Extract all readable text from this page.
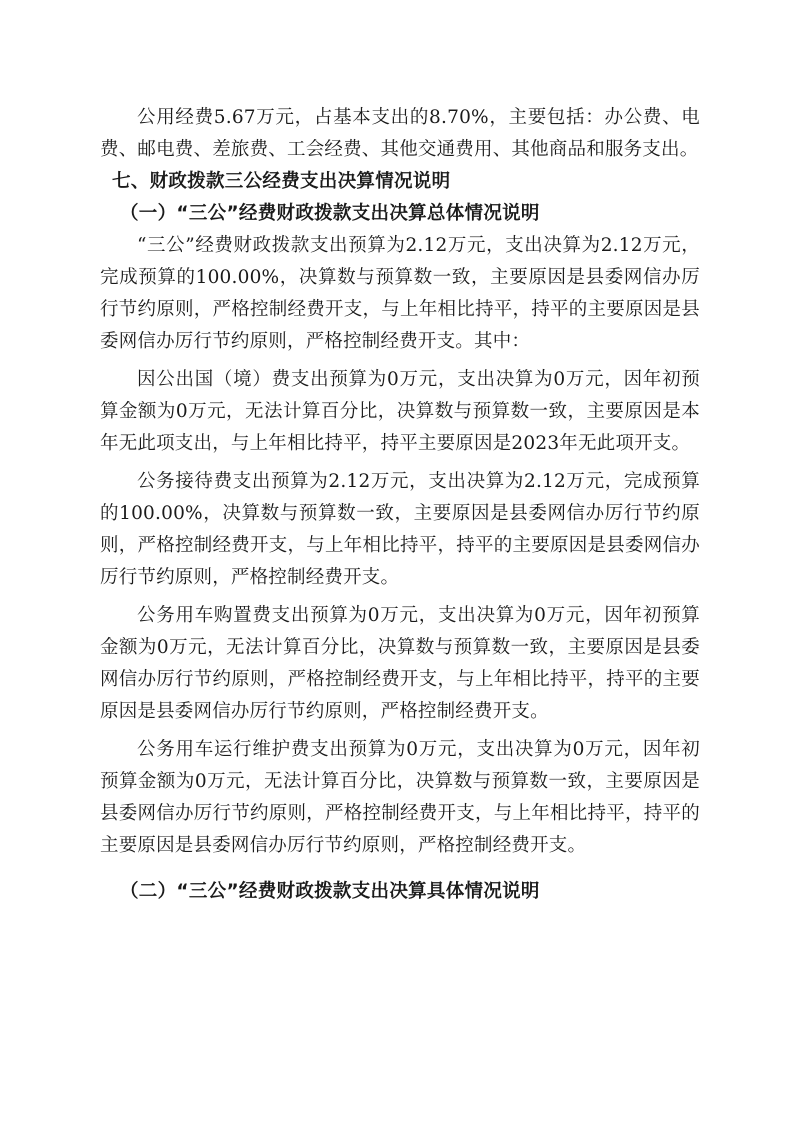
公用经费5.67万元，占基本支出的8.70%，主要包括：办公费、电费、邮电费、差旅费、工会经费、其他交通费用、其他商品和服务支出。

七、财政拨款三公经费支出决算情况说明
（一）“三公”经费财政拨款支出决算总体情况说明

“三公”经费财政拨款支出预算为2.12万元，支出决算为2.12万元，完成预算的100.00%，决算数与预算数一致，主要原因是县委网信办厉行节约原则，严格控制经费开支，与上年相比持平，持平的主要原因是县委网信办厉行节约原则，严格控制经费开支。其中：

因公出国（境）费支出预算为0万元，支出决算为0万元，因年初预算金额为0万元，无法计算百分比，决算数与预算数一致，主要原因是本年无此项支出，与上年相比持平，持平主要原因是2023年无此项开支。

公务接待费支出预算为2.12万元，支出决算为2.12万元，完成预算的100.00%，决算数与预算数一致，主要原因是县委网信办厉行节约原则，严格控制经费开支，与上年相比持平，持平的主要原因是县委网信办厉行节约原则，严格控制经费开支。

公务用车购置费支出预算为0万元，支出决算为0万元，因年初预算金额为0万元，无法计算百分比，决算数与预算数一致，主要原因是县委网信办厉行节约原则，严格控制经费开支，与上年相比持平，持平的主要原因是县委网信办厉行节约原则，严格控制经费开支。

公务用车运行维护费支出预算为0万元，支出决算为0万元，因年初预算金额为0万元，无法计算百分比，决算数与预算数一致，主要原因是县委网信办厉行节约原则，严格控制经费开支，与上年相比持平，持平的主要原因是县委网信办厉行节约原则，严格控制经费开支。

（二）“三公”经费财政拨款支出决算具体情况说明
